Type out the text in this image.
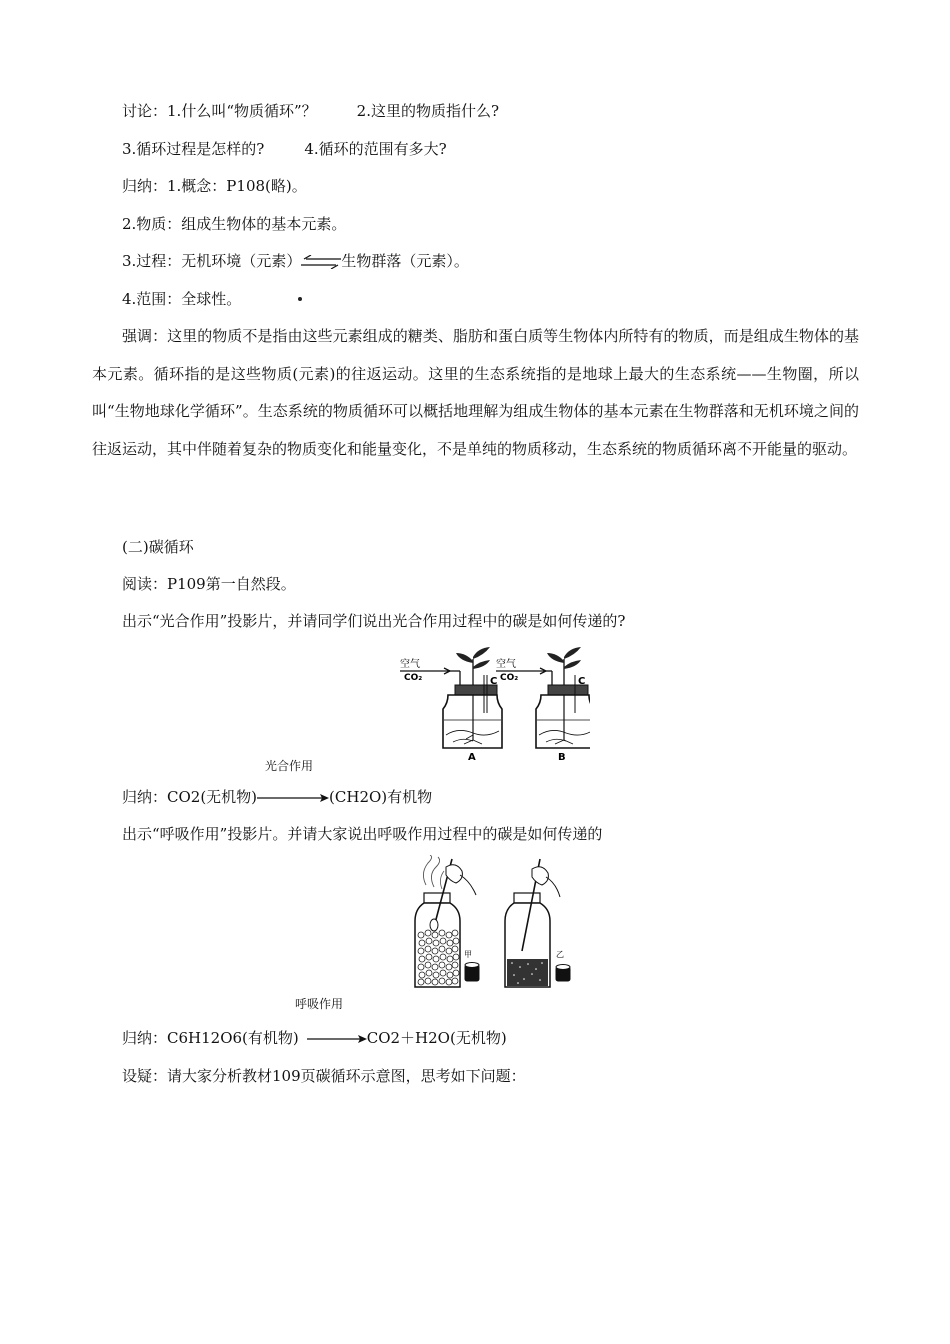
讨论：1.什么叫“物质循环”？	2.这里的物质指什么?
3.循环过程是怎样的?	4.循环的范围有多大?
归纳：1.概念：P108(略)。
2.物质：组成生物体的基本元素。
3.过程：无机环境（元素）⇌生物群落（元素）。
4.范围：全球性。
强调：这里的物质不是指由这些元素组成的糖类、脂肪和蛋白质等生物体内所特有的物质，而是组成生物体的基本元素。循环指的是这些物质(元素)的往返运动。这里的生态系统指的是地球上最大的生态系统——生物圈，所以叫“生物地球化学循环”。生态系统的物质循环可以概括地理解为组成生物体的基本元素在生物群落和无机环境之间的往返运动，其中伴随着复杂的物质变化和能量变化，不是单纯的物质移动，生态系统的物质循环离不开能量的驱动。
(二)碳循环
阅读：P109第一自然段。
出示“光合作用”投影片，并请同学们说出光合作用过程中的碳是如何传递的?
空气
CO₂	C
A
空气
CO₂	C
B
光合作用
归纳：CO2(无机物)	(CH2O)有机物
出示“呼吸作用”投影片。并请大家说出呼吸作用过程中的碳是如何传递的
甲	乙
呼吸作用
归纳：C6H12O6(有机物)	CO2＋H2O(无机物)
设疑：请大家分析教材109页碳循环示意图，思考如下问题：
